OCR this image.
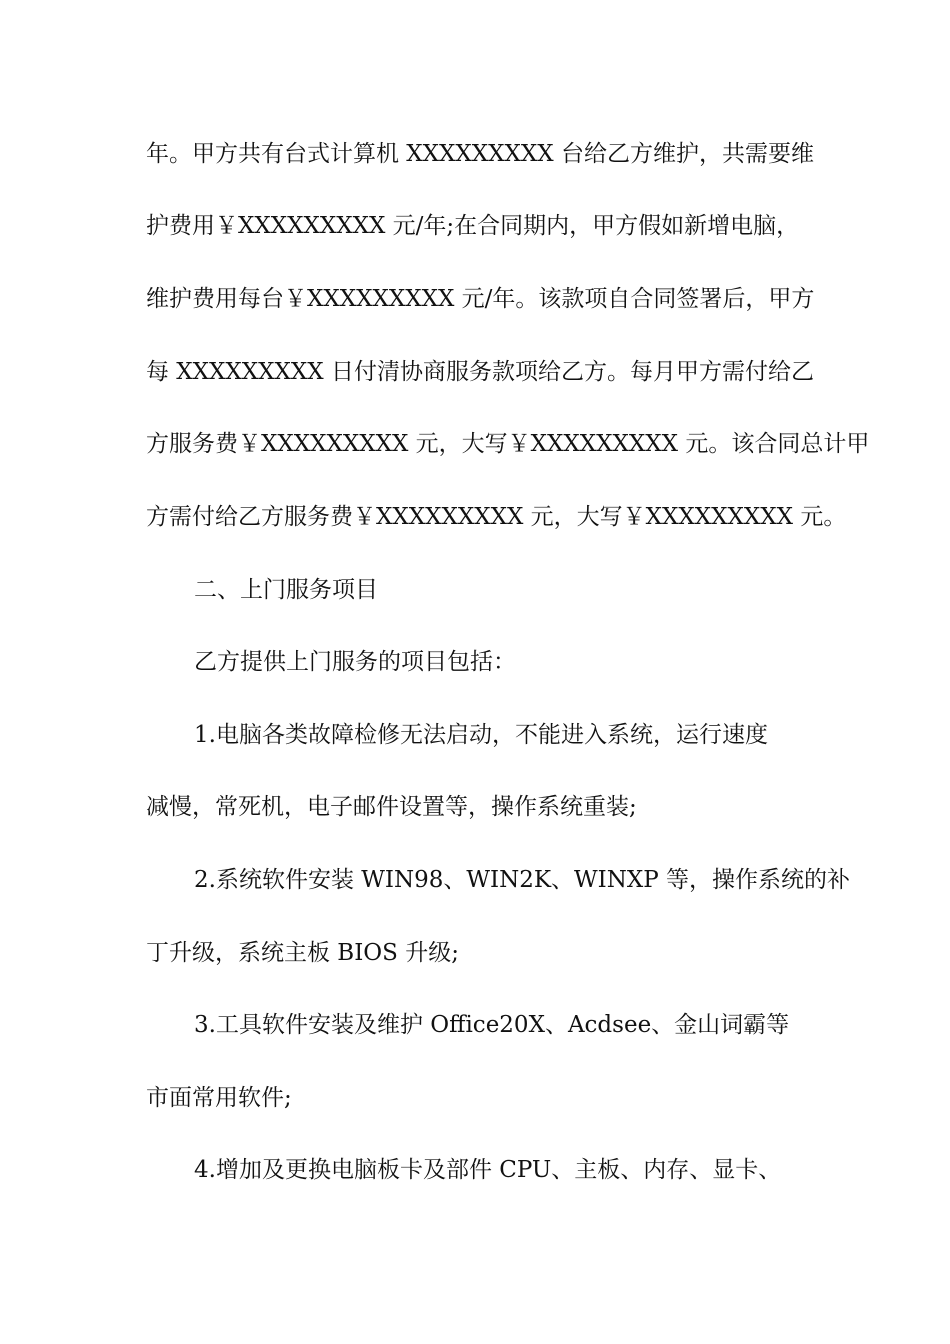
年。甲方共有台式计算机 XXXXXXXXX 台给乙方维护，共需要维
护费用￥XXXXXXXXX 元/年;在合同期内，甲方假如新增电脑，
维护费用每台￥XXXXXXXXX 元/年。该款项自合同签署后，甲方
每 XXXXXXXXX 日付清协商服务款项给乙方。每月甲方需付给乙
方服务费￥XXXXXXXXX 元，大写￥XXXXXXXXX 元。该合同总计甲
方需付给乙方服务费￥XXXXXXXXX 元，大写￥XXXXXXXXX 元。
二、上门服务项目
乙方提供上门服务的项目包括：
1.电脑各类故障检修无法启动，不能进入系统，运行速度
减慢，常死机，电子邮件设置等，操作系统重装;
2.系统软件安装 WIN98、WIN2K、WINXP 等，操作系统的补
丁升级，系统主板 BIOS 升级;
3.工具软件安装及维护 Office20X、Acdsee、金山词霸等
市面常用软件;
4.增加及更换电脑板卡及部件 CPU、主板、内存、显卡、
